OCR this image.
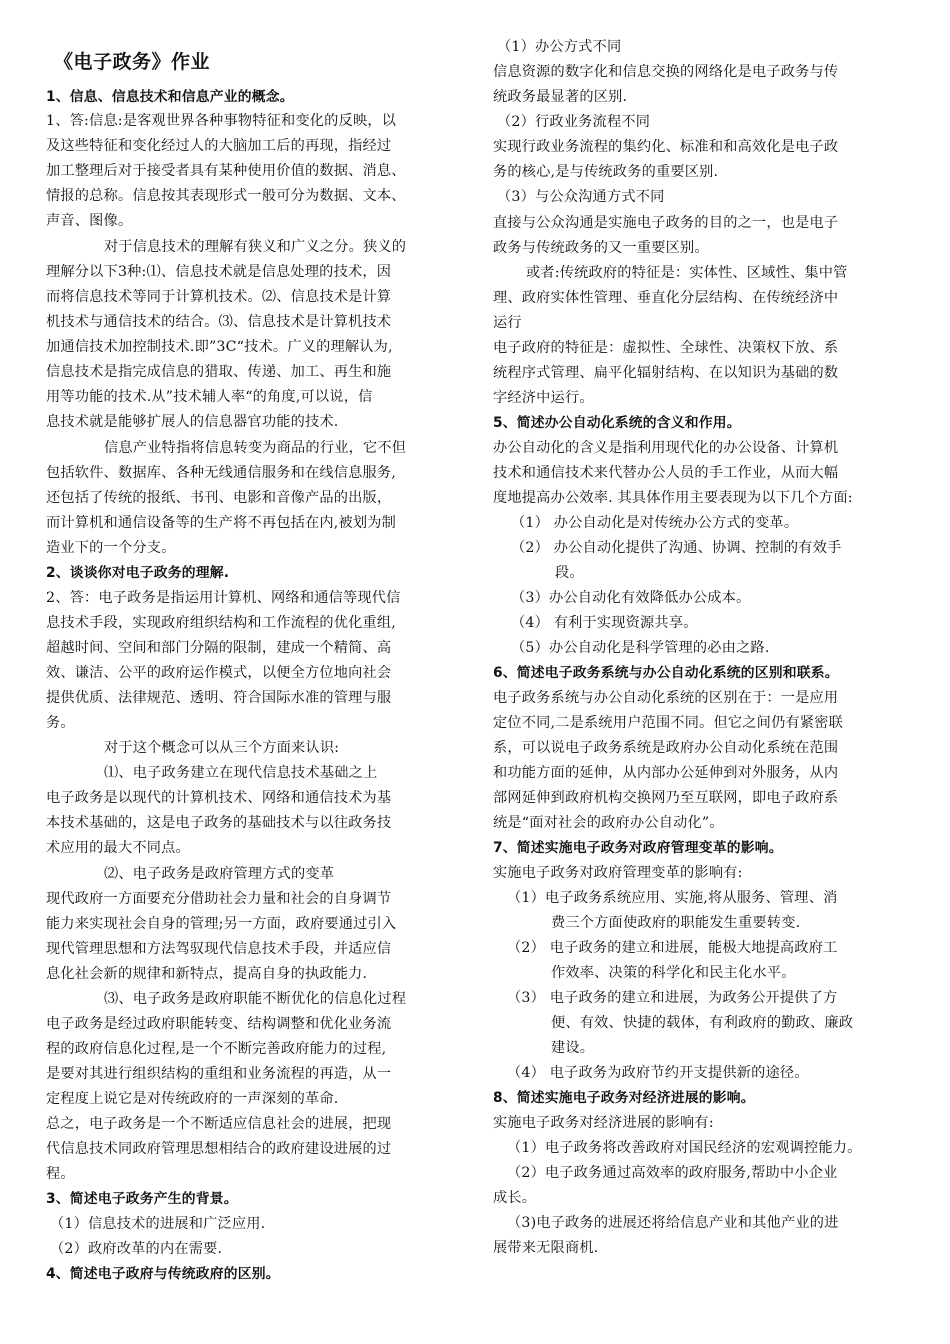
《电子政务》作业
1、信息、信息技术和信息产业的概念。
1、答:信息:是客观世界各种事物特征和变化的反映，以
及这些特征和变化经过人的大脑加工后的再现，指经过
加工整理后对于接受者具有某种使用价值的数据、消息、
情报的总称。信息按其表现形式一般可分为数据、文本、
声音、图像。
对于信息技术的理解有狭义和广义之分。狭义的
理解分以下3种:⑴、信息技术就是信息处理的技术，因
而将信息技术等同于计算机技术。⑵、信息技术是计算
机技术与通信技术的结合。⑶、信息技术是计算机技术
加通信技术加控制技术.即”3C“技术。广义的理解认为,
信息技术是指完成信息的猎取、传递、加工、再生和施
用等功能的技术.从”技术辅人率“的角度,可以说，信
息技术就是能够扩展人的信息器官功能的技术.
信息产业特指将信息转变为商品的行业，它不但
包括软件、数据库、各种无线通信服务和在线信息服务,
还包括了传统的报纸、书刊、电影和音像产品的出版，
而计算机和通信设备等的生产将不再包括在内,被划为制
造业下的一个分支。
2、谈谈你对电子政务的理解.
2、答：电子政务是指运用计算机、网络和通信等现代信
息技术手段，实现政府组织结构和工作流程的优化重组,
超越时间、空间和部门分隔的限制，建成一个精简、高
效、谦洁、公平的政府运作模式，以便全方位地向社会
提供优质、法律规范、透明、符合国际水准的管理与服
务。
对于这个概念可以从三个方面来认识:
⑴、电子政务建立在现代信息技术基础之上
电子政务是以现代的计算机技术、网络和通信技术为基
本技术基础的，这是电子政务的基础技术与以往政务技
术应用的最大不同点。
⑵、电子政务是政府管理方式的变革
现代政府一方面要充分借助社会力量和社会的自身调节
能力来实现社会自身的管理;另一方面，政府要通过引入
现代管理思想和方法驾驭现代信息技术手段，并适应信
息化社会新的规律和新特点，提高自身的执政能力.
⑶、电子政务是政府职能不断优化的信息化过程
电子政务是经过政府职能转变、结构调整和优化业务流
程的政府信息化过程,是一个不断完善政府能力的过程,
是要对其进行组织结构的重组和业务流程的再造，从一
定程度上说它是对传统政府的一声深刻的革命.
总之，电子政务是一个不断适应信息社会的进展，把现
代信息技术同政府管理思想相结合的政府建设进展的过
程。
3、简述电子政务产生的背景。
（1）信息技术的进展和广泛应用.
（2）政府改革的内在需要.
4、简述电子政府与传统政府的区别。
（1）办公方式不同
信息资源的数字化和信息交换的网络化是电子政务与传
统政务最显著的区别.
（2）行政业务流程不同
实现行政业务流程的集约化、标准和和高效化是电子政
务的核心,是与传统政务的重要区别.
（3）与公众沟通方式不同
直接与公众沟通是实施电子政务的目的之一，也是电子
政务与传统政务的又一重要区别。
或者:传统政府的特征是：实体性、区域性、集中管
理、政府实体性管理、垂直化分层结构、在传统经济中
运行
电子政府的特征是：虚拟性、全球性、决策权下放、系
统程序式管理、扁平化辐射结构、在以知识为基础的数
字经济中运行。
5、简述办公自动化系统的含义和作用。
办公自动化的含义是指利用现代化的办公设备、计算机
技术和通信技术来代替办公人员的手工作业，从而大幅
度地提高办公效率. 其具体作用主要表现为以下几个方面:
（1） 办公自动化是对传统办公方式的变革。
（2） 办公自动化提供了沟通、协调、控制的有效手
段。
（3）办公自动化有效降低办公成本。
（4） 有利于实现资源共享。
（5）办公自动化是科学管理的必由之路.
6、简述电子政务系统与办公自动化系统的区别和联系。
电子政务系统与办公自动化系统的区别在于：一是应用
定位不同,二是系统用户范围不同。但它之间仍有紧密联
系，可以说电子政务系统是政府办公自动化系统在范围
和功能方面的延伸，从内部办公延伸到对外服务，从内
部网延伸到政府机构交换网乃至互联网，即电子政府系
统是“面对社会的政府办公自动化”。
7、简述实施电子政务对政府管理变革的影响。
实施电子政务对政府管理变革的影响有:
（1）电子政务系统应用、实施,将从服务、管理、消
费三个方面使政府的职能发生重要转变.
（2） 电子政务的建立和进展，能极大地提高政府工
作效率、决策的科学化和民主化水平。
（3） 电子政务的建立和进展，为政务公开提供了方
便、有效、快捷的载体，有利政府的勤政、廉政
建设。
（4） 电子政务为政府节约开支提供新的途径。
8、简述实施电子政务对经济进展的影响。
实施电子政务对经济进展的影响有:
（1）电子政务将改善政府对国民经济的宏观调控能力。
（2）电子政务通过高效率的政府服务,帮助中小企业
成长。
（3)电子政务的进展还将给信息产业和其他产业的进
展带来无限商机.
